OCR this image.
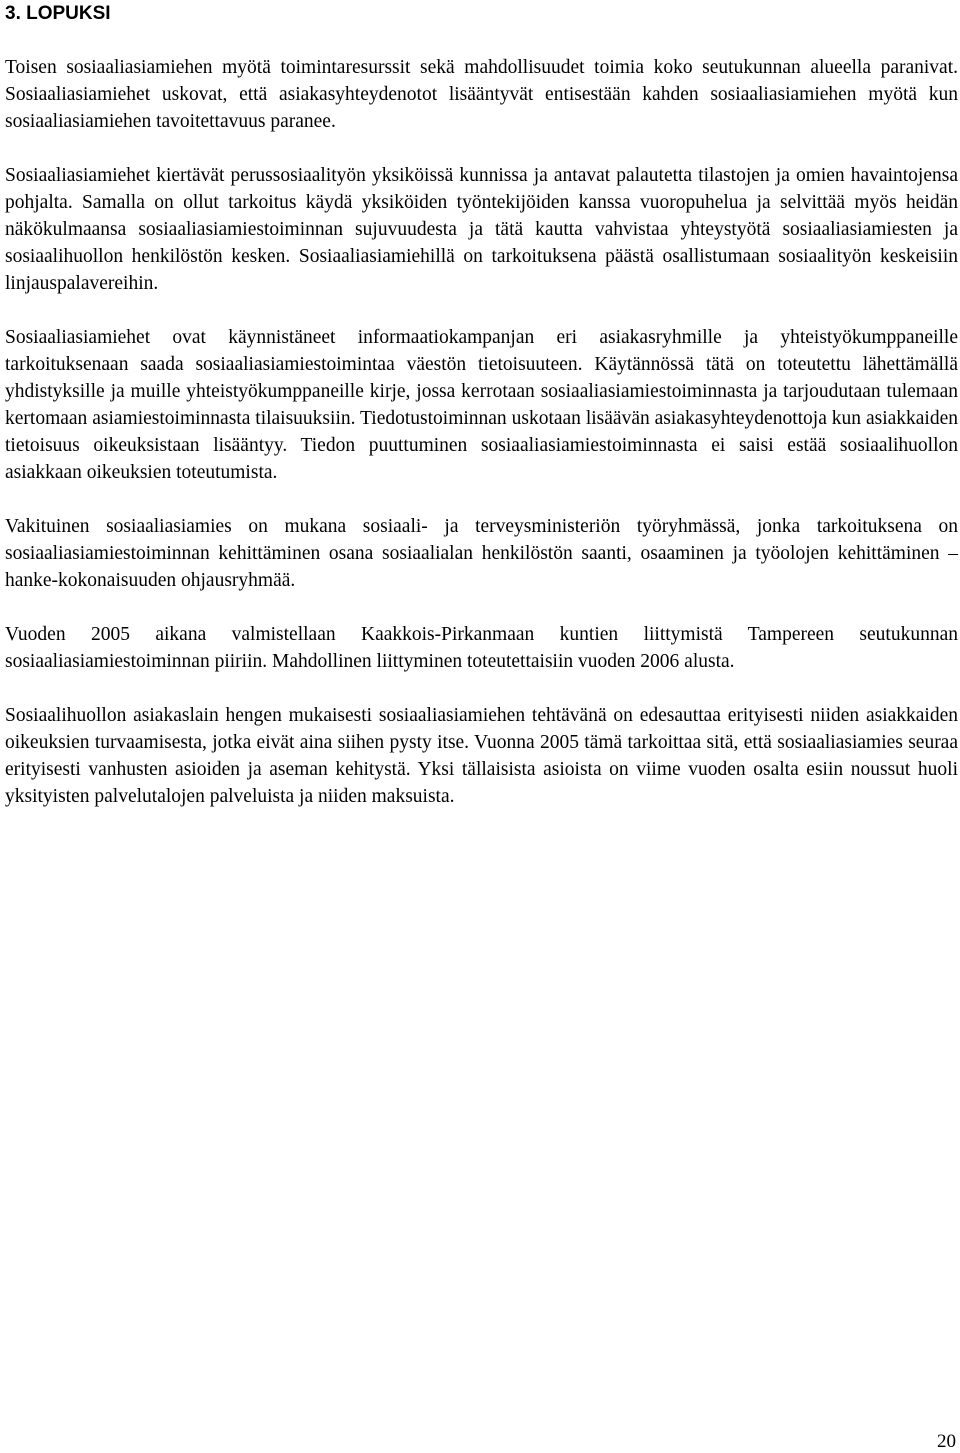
3. LOPUKSI

Toisen sosiaaliasiamiehen myötä toimintaresurssit sekä mahdollisuudet toimia koko seutukunnan alueella paranivat. Sosiaaliasiamiehet uskovat, että asiakasyhteydenotot lisääntyvät entisestään kahden sosiaaliasiamiehen myötä kun sosiaaliasiamiehen tavoitettavuus paranee.

Sosiaaliasiamiehet kiertävät perussosiaalityön yksiköissä kunnissa ja antavat palautetta tilastojen ja omien havaintojensa pohjalta. Samalla on ollut tarkoitus käydä yksiköiden työntekijöiden kanssa vuoropuhelua ja selvittää myös heidän näkökulmaansa sosiaaliasiamiestoiminnan sujuvuudesta ja tätä kautta vahvistaa yhteystyötä sosiaaliasiamiesten ja sosiaalihuollon henkilöstön kesken. Sosiaaliasiamiehillä on tarkoituksena päästä osallistumaan sosiaalityön keskeisiin linjauspalavereihin.

Sosiaaliasiamiehet ovat käynnistäneet informaatiokampanjan eri asiakasryhmille ja yhteistyökumppaneille tarkoituksenaan saada sosiaaliasiamiestoimintaa väestön tietoisuuteen. Käytännössä tätä on toteutettu lähettämällä yhdistyksille ja muille yhteistyökumppaneille kirje, jossa kerrotaan sosiaaliasiamiestoiminnasta ja tarjoudutaan tulemaan kertomaan asiamiestoiminnasta tilaisuuksiin. Tiedotustoiminnan uskotaan lisäävän asiakasyhteydenottoja kun asiakkaiden tietoisuus oikeuksistaan lisääntyy. Tiedon puuttuminen sosiaaliasiamiestoiminnasta ei saisi estää sosiaalihuollon asiakkaan oikeuksien toteutumista.

Vakituinen sosiaaliasiamies on mukana sosiaali- ja terveysministeriön työryhmässä, jonka tarkoituksena on sosiaaliasiamiestoiminnan kehittäminen osana sosiaalialan henkilöstön saanti, osaaminen ja työolojen kehittäminen – hanke-kokonaisuuden ohjausryhmää.

Vuoden 2005 aikana valmistellaan Kaakkois-Pirkanmaan kuntien liittymistä Tampereen seutukunnan sosiaaliasiamiestoiminnan piiriin. Mahdollinen liittyminen toteutettaisiin vuoden 2006 alusta.

Sosiaalihuollon asiakaslain hengen mukaisesti sosiaaliasiamiehen tehtävänä on edesauttaa erityisesti niiden asiakkaiden oikeuksien turvaamisesta, jotka eivät aina siihen pysty itse. Vuonna 2005 tämä tarkoittaa sitä, että sosiaaliasiamies seuraa erityisesti vanhusten asioiden ja aseman kehitystä. Yksi tällaisista asioista on viime vuoden osalta esiin noussut huoli yksityisten palvelutalojen palveluista ja niiden maksuista.

20
